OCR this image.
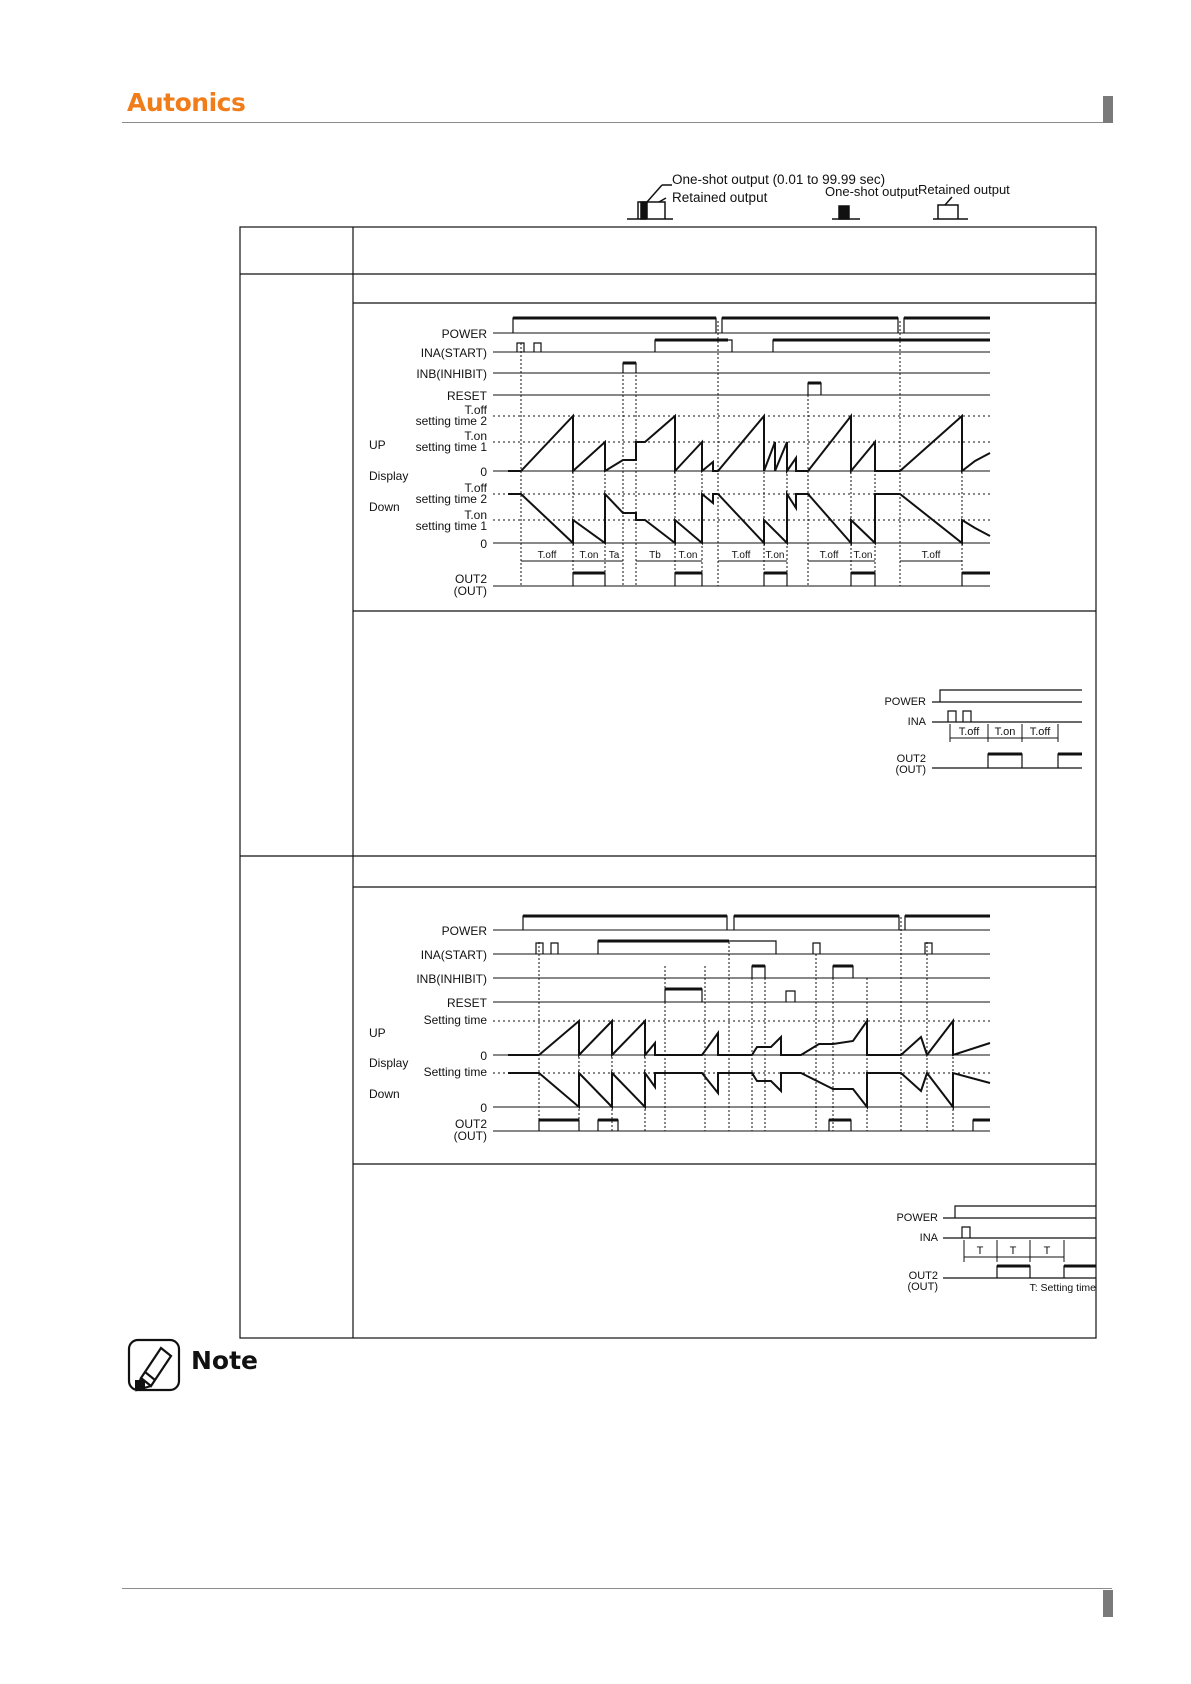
Autonics
One-shot output (0.01 to 99.99 sec)
Retained output	One-shot output Retained output
POWER
INA(START)
INB(INHIBIT)
RESET
T.off
setting time 2
T.on
setting time 1
0
UP
Display
Down
T.off
setting time 2
T.on
setting time 1
0
OUT2
(OUT)
T.off T.on Ta	Tb T.on	T.off T.on	T.off T.on	T.off
POWER
INA
T.off T.on T.off
OUT2
(OUT)
POWER
INA(START)
INB(INHIBIT)
RESET
Setting time
0
UP
Display
Down
Setting time
0
OUT2
(OUT)
POWER
INA
T T T
OUT2
(OUT)	T: Setting time
Note
